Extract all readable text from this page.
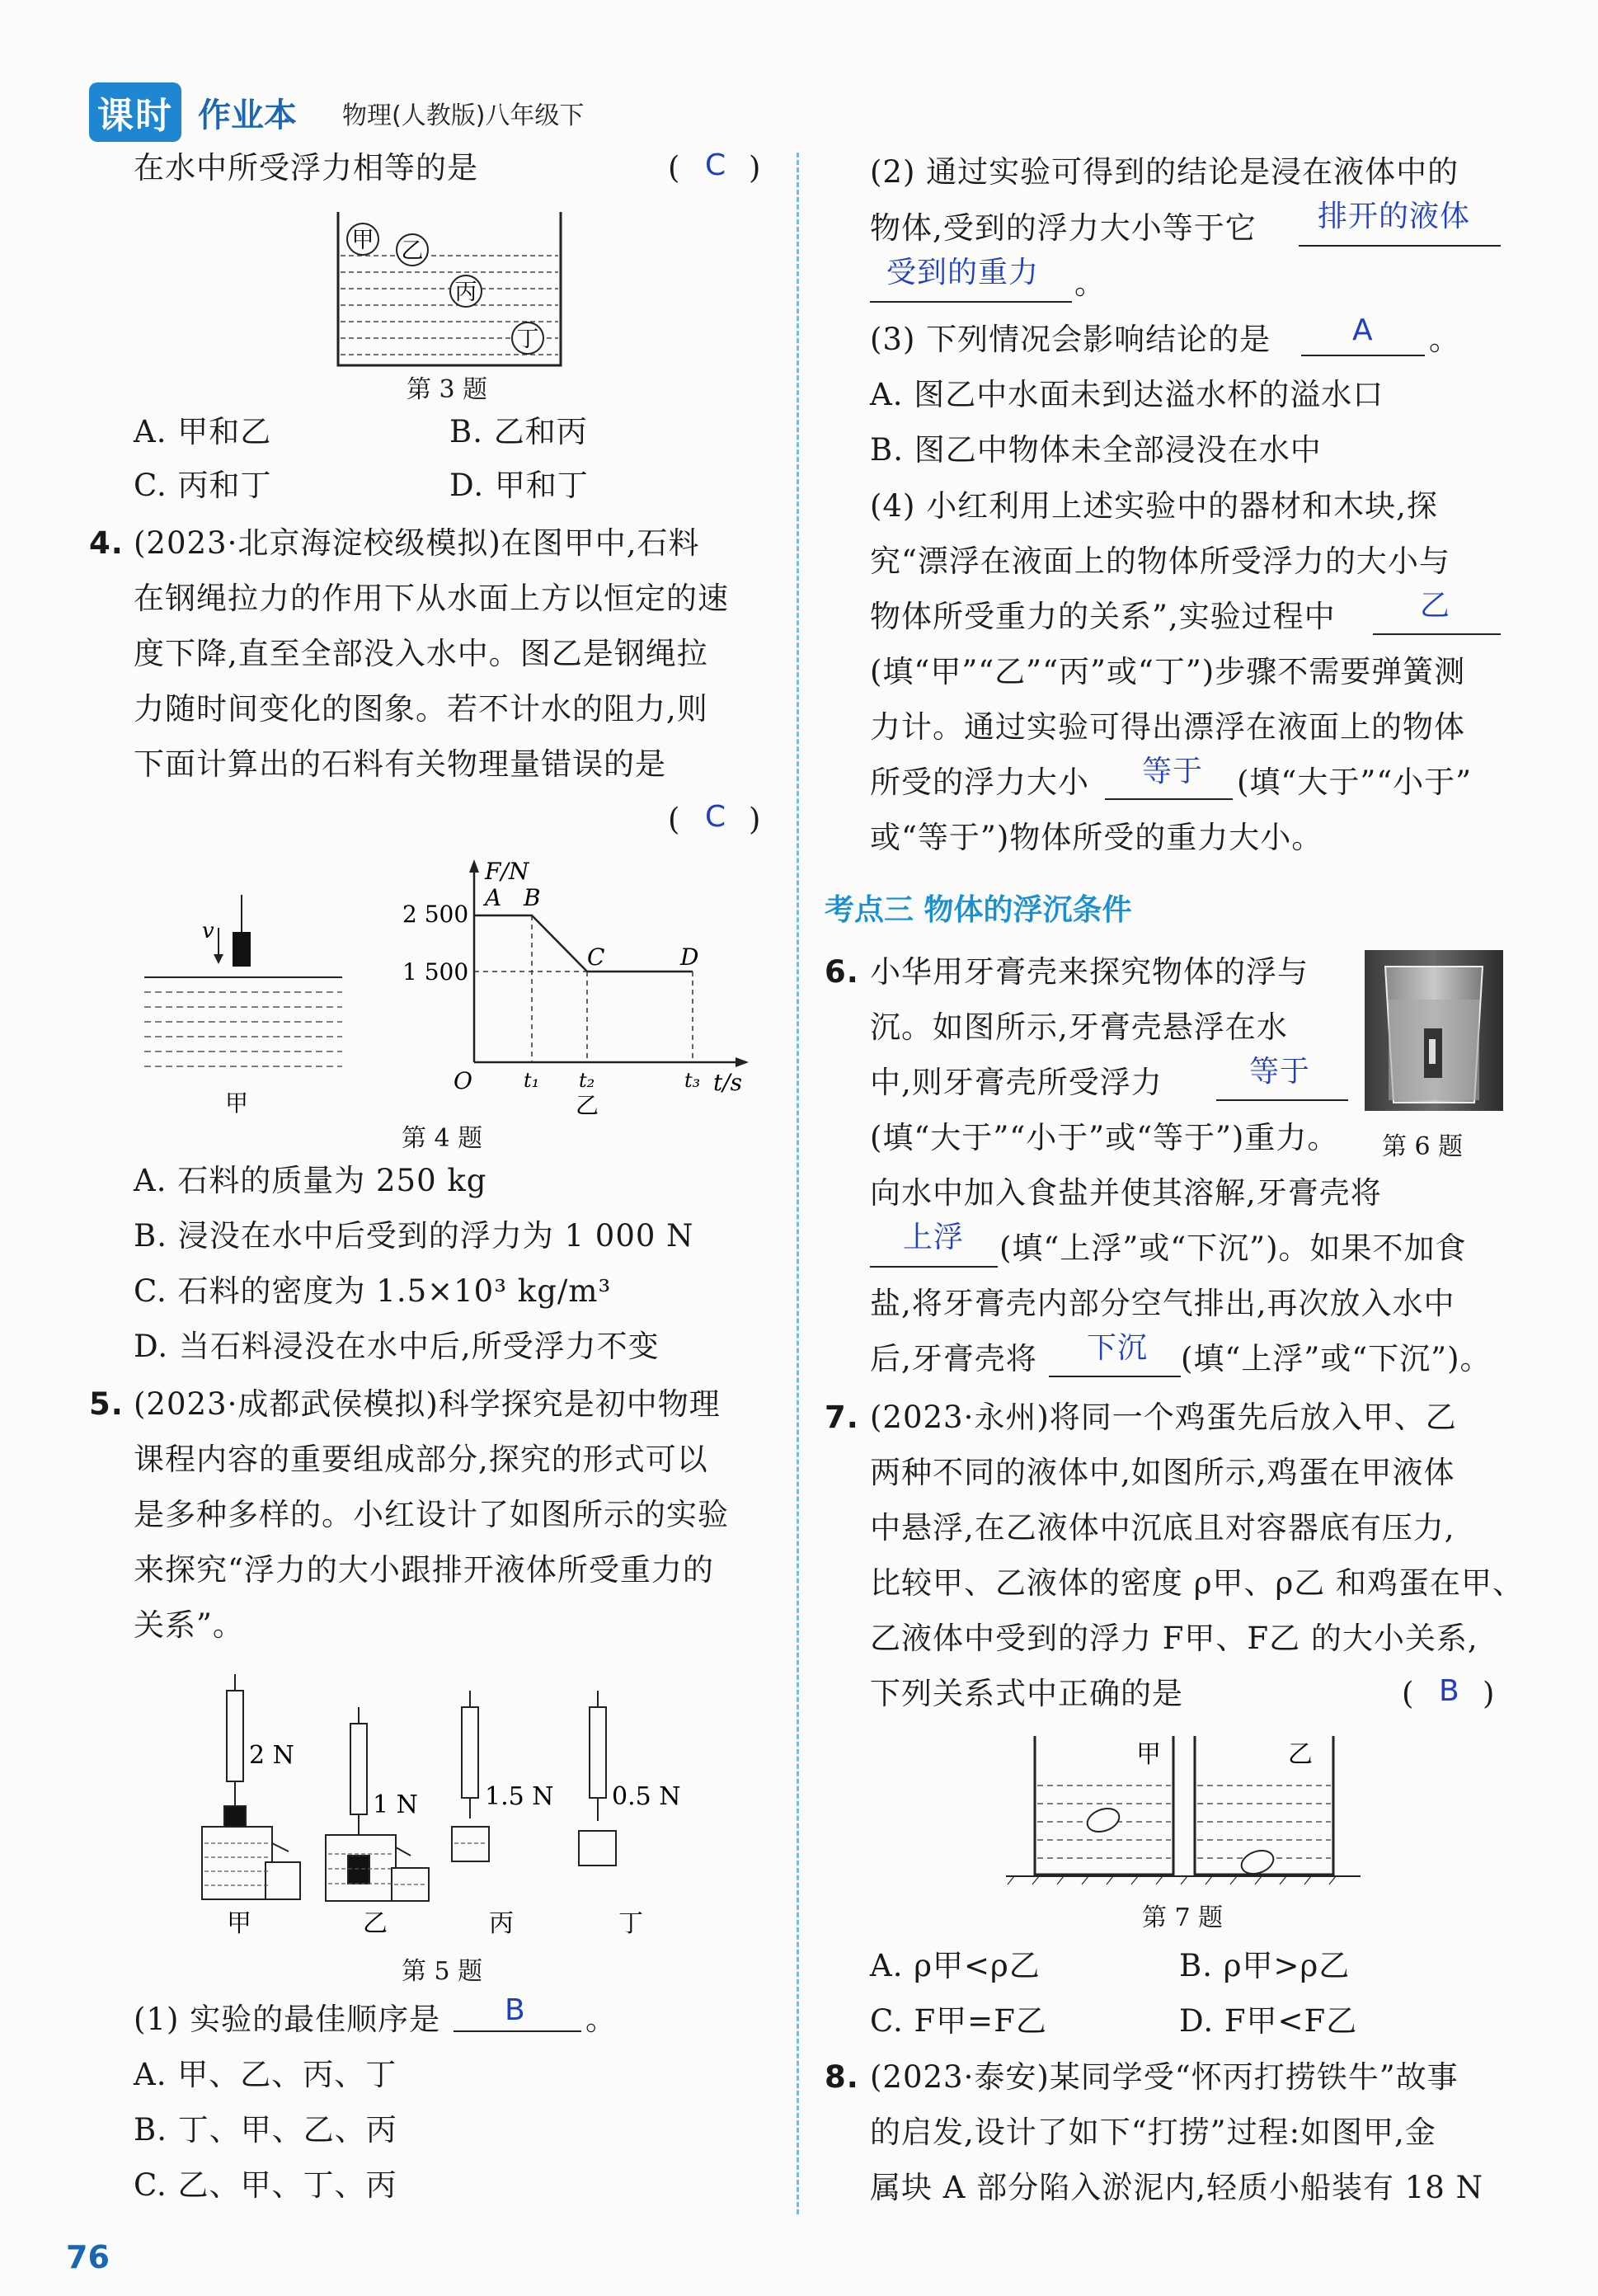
课时 作业本 物理(人教版)八年级下
在水中所受浮力相等的是	( C )
甲 乙
丙
丁
第 3 题
A. 甲和乙	B. 乙和丙
C. 丙和丁	D. 甲和丁
4. (2023·北京海淀校级模拟)在图甲中,石料
在钢绳拉力的作用下从水面上方以恒定的速
度下降,直至全部没入水中。图乙是钢绳拉
力随时间变化的图象。若不计水的阻力,则
下面计算出的石料有关物理量错误的是
( C )
v
甲
F/N
t/s
O
2 500
1 500
A B
C	D
t₁ t₂	t₃
乙
第 4 题
A. 石料的质量为 250 kg
B. 浸没在水中后受到的浮力为 1 000 N
C. 石料的密度为 1.5×10³ kg/m³
D. 当石料浸没在水中后,所受浮力不变
5. (2023·成都武侯模拟)科学探究是初中物理
课程内容的重要组成部分,探究的形式可以
是多种多样的。小红设计了如图所示的实验
来探究“浮力的大小跟排开液体所受重力的
关系”。
2 N
1 N	1.5 N 0.5 N
甲	乙	丙	丁
第 5 题
(1) 实验的最佳顺序是 B 。
A. 甲、乙、丙、丁
B. 丁、甲、乙、丙
C. 乙、甲、丁、丙
76
(2) 通过实验可得到的结论是浸在液体中的
物体,受到的浮力大小等于它 排开的液体
受到的重力 。
(3) 下列情况会影响结论的是	A 。
A. 图乙中水面未到达溢水杯的溢水口
B. 图乙中物体未全部浸没在水中
(4) 小红利用上述实验中的器材和木块,探
究“漂浮在液面上的物体所受浮力的大小与
物体所受重力的关系”,实验过程中	乙
(填“甲”“乙”“丙”或“丁”)步骤不需要弹簧测
力计。通过实验可得出漂浮在液面上的物体
所受的浮力大小 等于 (填“大于”“小于”
或“等于”)物体所受的重力大小。
考点三 物体的浮沉条件
6. 小华用牙膏壳来探究物体的浮与
沉。如图所示,牙膏壳悬浮在水
中,则牙膏壳所受浮力	等于
(填“大于”“小于”或“等于”)重力。 第 6 题
向水中加入食盐并使其溶解,牙膏壳将
上浮 (填“上浮”或“下沉”)。如果不加食
盐,将牙膏壳内部分空气排出,再次放入水中
后,牙膏壳将 下沉 (填“上浮”或“下沉”)。
7. (2023·永州)将同一个鸡蛋先后放入甲、乙
两种不同的液体中,如图所示,鸡蛋在甲液体
中悬浮,在乙液体中沉底且对容器底有压力,
比较甲、乙液体的密度 ρ甲、ρ乙 和鸡蛋在甲、
乙液体中受到的浮力 F甲、F乙 的大小关系,
下列关系式中正确的是	( B )
甲	乙
第 7 题
A. ρ甲<ρ乙	B. ρ甲>ρ乙
C. F甲=F乙	D. F甲<F乙
8. (2023·泰安)某同学受“怀丙打捞铁牛”故事
的启发,设计了如下“打捞”过程:如图甲,金
属块 A 部分陷入淤泥内,轻质小船装有 18 N
